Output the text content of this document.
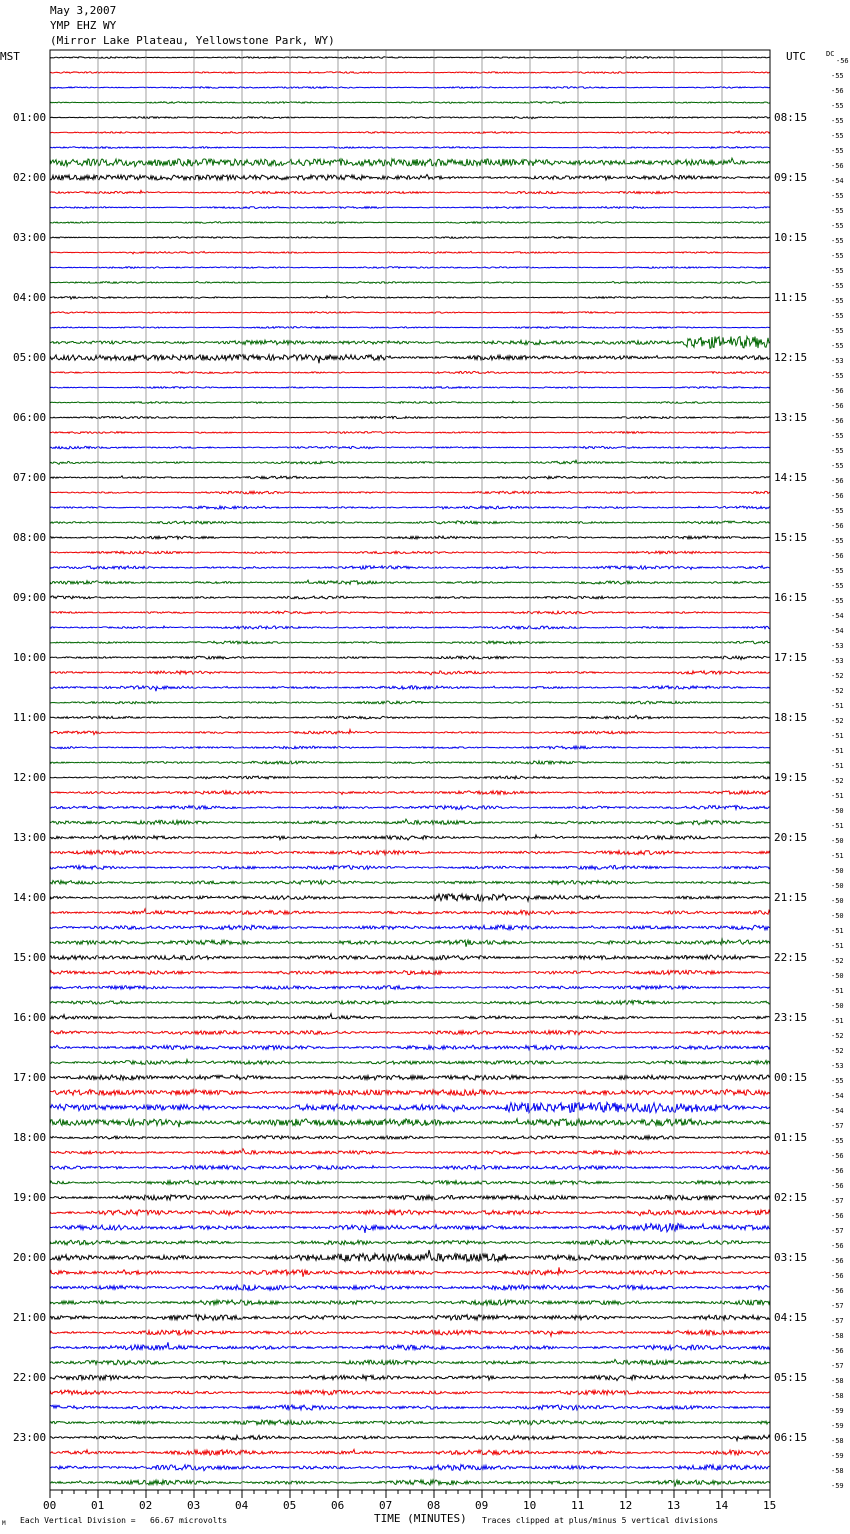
May 3,2007
YMP EHZ WY
(Mirror Lake Plateau, Yellowstone Park, WY)
MST	UTC	DC
01:00
02:00
03:00
04:00
05:00
06:00
07:00
08:00
09:00
10:00
11:00
12:00
13:00
14:00
15:00
16:00
17:00
18:00
19:00
20:00
21:00
22:00
23:00
08:15
09:15
10:15
11:15
12:15
13:15
14:15
15:15
16:15
17:15
18:15
19:15
20:15
21:15
22:15
23:15
00:15
01:15
02:15
03:15
04:15
05:15
06:15
-56
-55
-56
-55
-55
-55
-55
-56
-54
-55
-55
-55
-55
-55
-55
-55
-55
-55
-55
-55
-53
-55
-56
-56
-56
-55
-55
-55
-56
-56
-55
-56
-55
-56
-55
-55
-55
-54
-54
-53
-53
-52
-52
-51
-52
-51
-51
-51
-52
-51
-50
-51
-50
-51
-50
-50
-50
-50
-51
-51
-52
-50
-51
-50
-51
-52
-52
-53
-55
-54
-54
-57
-55
-56
-56
-56
-57
-56
-57
-56
-56
-56
-56
-57
-57
-58
-56
-57
-58
-58
-59
-59
-58
-59
-58
-59
00	01	02	03	04	05	06	07	08	09	10	11	12	13	14	15
M Each Vertical Division =   66.67 microvolts	TIME (MINUTES) Traces clipped at plus/minus 5 vertical divisions
